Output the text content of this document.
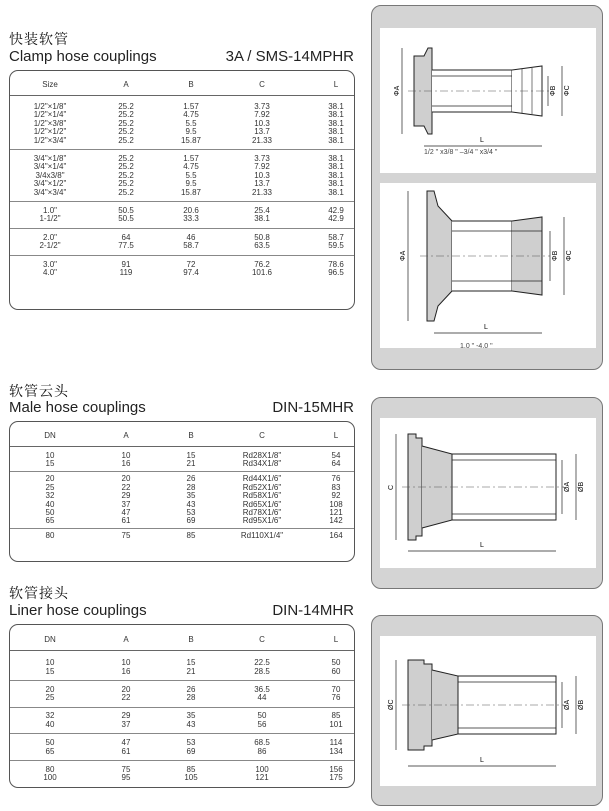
快装软管
Clamp hose couplings	3A / SMS-14MPHR
Size	A	B	C	L
1/2"×1/8"	25.2	1.57	3.73	38.1
1/2"×1/4"	25.2	4.75	7.92	38.1
1/2"×3/8"	25.2	5.5	10.3	38.1
1/2"×1/2"	25.2	9.5	13.7	38.1
1/2"×3/4"	25.2	15.87	21.33	38.1
3/4"×1/8"	25.2	1.57	3.73	38.1
3/4"×1/4"	25.2	4.75	7.92	38.1
3/4x3/8"	25.2	5.5	10.3	38.1
3/4"×1/2"	25.2	9.5	13.7	38.1
3/4"×3/4"	25.2	15.87	21.33	38.1
1.0"	50.5	20.6	25.4	42.9
1-1/2"	50.5	33.3	38.1	42.9
2.0"	64	46	50.8	58.7
2-1/2"	77.5	58.7	63.5	59.5
3.0"	91	72	76.2	78.6
4.0"	119	97.4	101.6	96.5
ΦA	ΦB ΦC
L
1/2 " x3/8 " –3/4 " x3/4 "
ΦA	ΦB ΦC
L
1.0 " -4.0 "
软管云头
Male hose couplings	DIN-15MHR
DN	A	B	C	L
10	10	15	Rd28X1/8"	54
15	16	21	Rd34X1/8"	64
20	20	26	Rd44X1/6"	76
25	22	28	Rd52X1/6"	83
32	29	35	Rd58X1/6"	92
40	37	43	Rd65X1/6"	108
50	47	53	Rd78X1/6"	121
65	61	69	Rd95X1/6"	142
80	75	85	Rd110X1/4"	164
C	ØA ØB
L
软管接头
Liner hose couplings	DIN-14MHR
DN	A	B	C	L
10	10	15	22.5	50
15	16	21	28.5	60
20	20	26	36.5	70
25	22	28	44	76
32	29	35	50	85
40	37	43	56	101
50	47	53	68.5	114
65	61	69	86	134
80	75	85	100	156
100	95	105	121	175
ØC	ØA ØB
L
